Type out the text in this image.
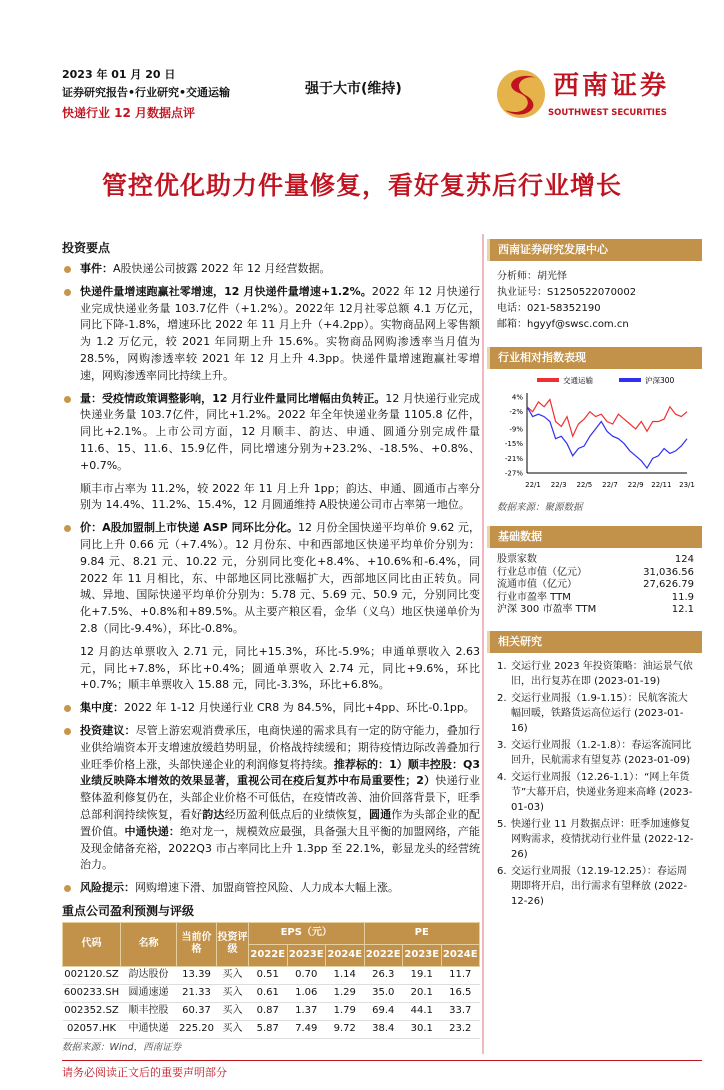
2023 年 01 月 20 日
证券研究报告•行业研究•交通运输
快递行业 12 月数据点评
强于大市(维持)	西南证券
SOUTHWEST SECURITIES
管控优化助力件量修复，看好复苏后行业增长
投资要点

事件：A股快递公司披露 2022 年 12 月经营数据。

快递件量增速跑赢社零增速，12 月快递件量增速+1.2%。2022 年 12 月快递行业完成快递业务量 103.7亿件（+1.2%）。2022年 12月社零总额 4.1 万亿元，同比下降-1.8%，增速环比 2022 年 11 月上升（+4.2pp）。实物商品网上零售额为 1.2 万亿元，较 2021 年同期上升 15.6%。实物商品网购渗透率当月值为 28.5%，网购渗透率较 2021 年 12 月上升 4.3pp。快递件量增速跑赢社零增速，网购渗透率同比持续上升。

量：受疫情政策调整影响，12 月行业件量同比增幅由负转正。12 月快递行业完成快递业务量 103.7亿件，同比+1.2%。2022 年全年快递业务量 1105.8 亿件，同比+2.1%。上市公司方面，12 月顺丰、韵达、申通、圆通分别完成件量 11.6、15、11.6、15.9亿件，同比增速分别为+23.2%、-18.5%、+0.8%、+0.7%。

顺丰市占率为 11.2%，较 2022 年 11 月上升 1pp；韵达、申通、圆通市占率分别为 14.4%、11.2%、15.4%，12 月圆通维持 A股快递公司市占率第一地位。

价：A股加盟制上市快递 ASP 同环比分化。12 月份全国快递平均单价 9.62 元，同比上升 0.66 元（+7.4%）。12 月份东、中和西部地区快递平均单价分别为：9.84 元、8.21 元、10.22 元，分别同比变化+8.4%、+10.6%和-6.4%，同 2022 年 11 月相比，东、中部地区同比涨幅扩大，西部地区同比由正转负。同城、异地、国际快递平均单价分别为：5.78 元、5.69 元、50.9 元，分别同比变化+7.5%、+0.8%和+89.5%。从主要产粮区看，金华（义乌）地区快递单价为 2.8（同比-9.4%），环比-0.8%。

12 月韵达单票收入 2.71 元，同比+15.3%，环比-5.9%；申通单票收入 2.63 元，同比+7.8%，环比+0.4%；圆通单票收入 2.74 元，同比+9.6%，环比+0.7%；顺丰单票收入 15.88 元，同比-3.3%，环比+6.8%。

集中度：2022 年 1-12 月快递行业 CR8 为 84.5%，同比+4pp、环比-0.1pp。

投资建议：尽管上游宏观消费承压，电商快递的需求具有一定的防守能力，叠加行业供给端资本开支增速放缓趋势明显，价格战持续缓和；期待疫情边际改善叠加行业旺季价格上涨，头部快递企业的利润修复将持续。推荐标的：1）顺丰控股：Q3 业绩反映降本增效的效果显著，重视公司在疫后复苏中布局重要性；2）快递行业整体盈利修复仍在，头部企业价格不可低估，在疫情改善、油价回落背景下，旺季总部利润持续恢复，看好韵达经历盈利低点后的业绩恢复，圆通作为头部企业的配置价值。中通快递：绝对龙一，规模效应最强，具备强大且平衡的加盟网络，产能及现金储备充裕，2022Q3 市占率同比上升 1.3pp 至 22.1%，彰显龙头的经营统治力。

风险提示：网购增速下滑、加盟商管控风险、人力成本大幅上涨。

重点公司盈利预测与评级
代码	名称	当前价格	投资评级	EPS（元）			PE		
				2022E	2023E	2024E	2022E	2023E	2024E
002120.SZ	韵达股份	13.39	买入	0.51	0.70	1.14	26.3	19.1	11.7
600233.SH	圆通速递	21.33	买入	0.61	1.06	1.29	35.0	20.1	16.5
002352.SZ	顺丰控股	60.37	买入	0.87	1.37	1.79	69.4	44.1	33.7
02057.HK	中通快递	225.20	买入	5.87	7.49	9.72	38.4	30.1	23.2
数据来源：Wind，西南证券
西南证券研究发展中心
分析师：胡光怿
执业证号：S1250522070002
电话：021-58352190
邮箱：hgyyf@swsc.com.cn
行业相对指数表现
4%
-2%
-9%
-15%
-21%
-27%
22/1 22/3 22/5 22/7 22/9 22/11 23/1
交通运输	沪深300
数据来源：聚源数据
基础数据
股票家数	124
行业总市值（亿元）	31,036.56
流通市值（亿元）	27,626.79
行业市盈率 TTM	11.9
沪深 300 市盈率 TTM	12.1
相关研究
1. 交运行业 2023 年投资策略：油运景气依旧，出行复苏在即 (2023-01-19)
2. 交运行业周报（1.9-1.15）：民航客流大幅回暖，铁路货运高位运行 (2023-01-16)
3. 交运行业周报（1.2-1.8）：春运客流同比回升，民航需求有望复苏 (2023-01-09)
4. 交运行业周报（12.26-1.1）：“网上年货节”大幕开启，快递业务迎来高峰 (2023-01-03)
5. 快递行业 11 月数据点评：旺季加速修复网购需求，疫情扰动行业件量 (2022-12-26)
6. 交运行业周报（12.19-12.25）：春运周期即将开启，出行需求有望释放 (2022-12-26)
请务必阅读正文后的重要声明部分
